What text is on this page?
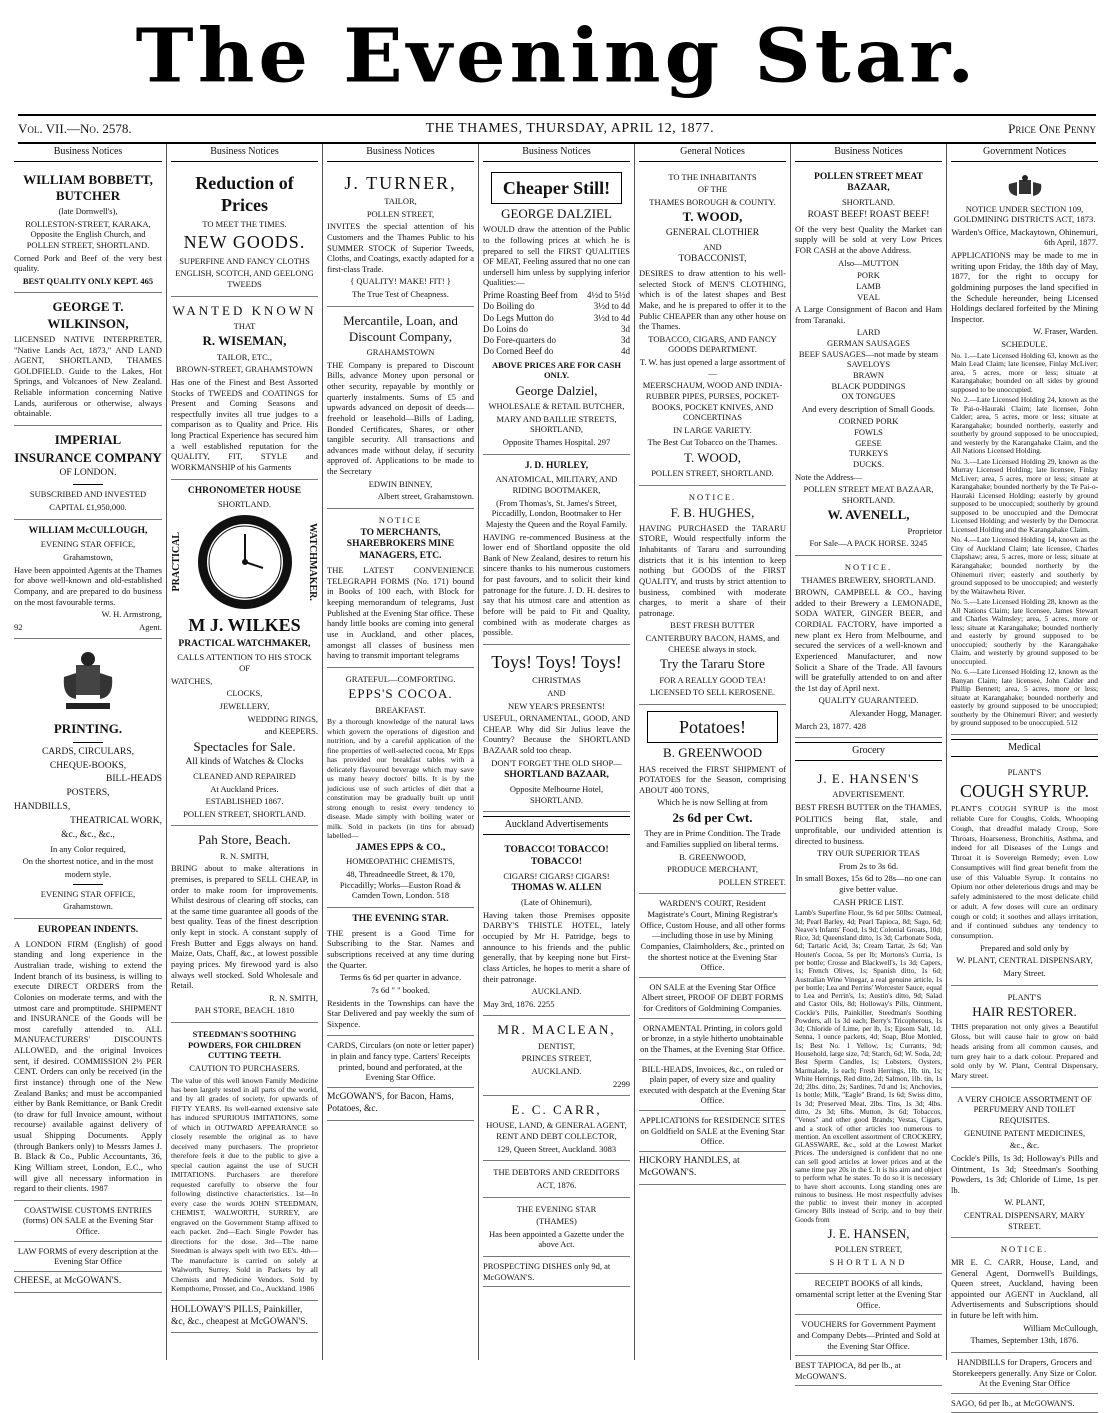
The Evening Star.
Vol. VII.—No. 2578.	THE THAMES, THURSDAY, APRIL 12, 1877.	Price One Penny
Business Notices

WILLIAM BOBBETT, BUTCHER

(late Dornwell's),

ROLLESTON-STREET, KARAKA, Opposite the English Church, and POLLEN STREET, SHORTLAND.

Corned Pork and Beef of the very best quality.

BEST QUALITY ONLY KEPT. 465

GEORGE T. WILKINSON,

LICENSED NATIVE INTERPRETER, "Native Lands Act, 1873," AND LAND AGENT, SHORTLAND, THAMES GOLDFIELD. Guide to the Lakes, Hot Springs, and Volcanoes of New Zealand. Reliable information concerning Native Lands, auriferous or otherwise, always obtainable.

IMPERIAL

INSURANCE COMPANY

OF LONDON.

SUBSCRIBED AND INVESTED

CAPITAL £1,950,000.

WILLIAM McCULLOUGH,

EVENING STAR OFFICE,

Grahamstown,

Have been appointed Agents at the Thames for above well-known and old-established Company, and are prepared to do business on the most favourable terms.

W. H. Armstrong,

92	Agent.

PRINTING.

CARDS, CIRCULARS,

CHEQUE-BOOKS,

BILL-HEADS

POSTERS,

HANDBILLS,

THEATRICAL WORK,

&c., &c., &c.,

In any Color required,

On the shortest notice, and in the most

modern style.

EVENING STAR OFFICE,

Grahamstown.

EUROPEAN INDENTS.

A LONDON FIRM (English) of good standing and long experience in the Australian trade, wishing to extend the Indent branch of its business, is willing to execute DIRECT ORDERS from the Colonies on moderate terms, and with the utmost care and promptitude. SHIPMENT and INSURANCE of the Goods will be most carefully attended to. ALL MANUFACTURERS' DISCOUNTS ALLOWED, and the original Invoices sent, if desired. COMMISSION 2½ PER CENT. Orders can only be received (in the first instance) through one of the New Zealand Banks; and must be accompanied either by Bank Remittance, or Bank Credit (to draw for full Invoice amount, without recourse) available against delivery of usual Shipping Documents. Apply (through Bankers only) to Messrs James J. B. Black & Co., Public Accountants, 36, King William street, London, E.C., who will give all necessary information in regard to their clients. 1987

COASTWISE CUSTOMS ENTRIES (forms) ON SALE at the Evening Star Office.
LAW FORMS of every description at the Evening Star Office
CHEESE, at McGOWAN'S.
Business Notices

Reduction of Prices

TO MEET THE TIMES.

NEW GOODS.

SUPERFINE AND FANCY CLOTHS

ENGLISH, SCOTCH, AND GEELONG TWEEDS

WANTED KNOWN

THAT

R. WISEMAN,

TAILOR, ETC.,

BROWN-STREET, GRAHAMSTOWN

Has one of the Finest and Best Assorted Stocks of TWEEDS and COATINGS for Present and Coming Seasons and respectfully invites all true judges to a comparison as to Quality and Price. His long Practical Experience has secured him a well established reputation for the QUALITY, FIT, STYLE and WORKMANSHIP of his Garments

CHRONOMETER HOUSE

SHORTLAND.

PRACTICAL	WATCHMAKER.

M J. WILKES

PRACTICAL WATCHMAKER,

CALLS ATTENTION TO HIS STOCK OF

WATCHES,

CLOCKS,

JEWELLERY,

WEDDING RINGS,

and KEEPERS.

Spectacles for Sale.

All kinds of Watches & Clocks

CLEANED AND REPAIRED

At Auckland Prices.

ESTABLISHED 1867.

POLLEN STREET, SHORTLAND.

Pah Store, Beach.

R. N. SMITH,

BRING about to make alterations in premises, is prepared to SELL CHEAP, in order to make room for improvements. Whilst desirous of clearing off stocks, can at the same time guarantee all goods of the best quality. Teas of the finest description only kept in stock. A constant supply of Fresh Butter and Eggs always on hand. Maize, Oats, Chaff, &c., at lowest possible paying prices. My firewood yard is also always well stocked. Sold Wholesale and Retail.

R. N. SMITH,

PAH STORE, BEACH. 1810

STEEDMAN'S SOOTHING POWDERS, FOR CHILDREN CUTTING TEETH.

CAUTION TO PURCHASERS.

The value of this well known Family Medicine has been largely tested in all parts of the world, and by all grades of society, for upwards of FIFTY YEARS. Its well-earned extensive sale has induced SPURIOUS IMITATIONS, some of which in OUTWARD APPEARANCE so closely resemble the original as to have deceived many purchasers. The proprietor therefore feels it due to the public to give a special caution against the use of SUCH IMITATIONS. Purchasers are therefore requested carefully to observe the four following distinctive characteristics. 1st—In every case the words JOHN STEEDMAN, CHEMIST, WALWORTH, SURREY, are engraved on the Government Stamp affixed to each packet. 2nd—Each Single Powder has directions for the dose. 3rd—The name Steedman is always spelt with two EE's. 4th—The manufacture is carried on solely at Walworth, Surrey. Sold in Packets by all Chemists and Medicine Vendors. Sold by Kempthorne, Prosser, and Co., Auckland. 1986

HOLLOWAY'S PILLS, Painkiller, &c, &c., cheapest at McGOWAN'S.
Business Notices

J. TURNER,

TAILOR,

POLLEN STREET,

INVITES the special attention of his Customers and the Thames Public to his SUMMER STOCK of Superior Tweeds, Cloths, and Coatings, exactly adapted for a first-class Trade.

{ QUALITY! MAKE! FIT! }

The True Test of Cheapness.

Mercantile, Loan, and Discount Company,

GRAHAMSTOWN

THE Company is prepared to Discount Bills, advance Money upon personal or other security, repayable by monthly or quarterly instalments. Sums of £5 and upwards advanced on deposit of deeds—freehold or leasehold—Bills of Lading, Bonded Certificates, Shares, or other tangible security. All transactions and advances made without delay, if security approved of. Applications to be made to the Secretary

EDWIN BINNEY,

Albert street, Grahamstown.

NOTICE

TO MERCHANTS, SHAREBROKERS MINE MANAGERS, ETC.

THE LATEST CONVENIENCE TELEGRAPH FORMS (No. 171) bound in Books of 100 each, with Block for keeping memorandum of telegrams, Just Published at the Evening Star office. These handy little books are coming into general use in Auckland, and other places, amongst all classes of business men having to transmit important telegrams

GRATEFUL—COMFORTING.

EPPS'S COCOA.

BREAKFAST.

By a thorough knowledge of the natural laws which govern the operations of digestion and nutrition, and by a careful application of the fine properties of well-selected cocoa, Mr Epps has provided our breakfast tables with a delicately flavoured beverage which may save us many heavy doctors' bills. It is by the judicious use of such articles of diet that a constitution may be gradually built up until strong enough to resist every tendency to disease. Made simply with boiling water or milk. Sold in packets (in tins for abroad) labelled—

JAMES EPPS & CO.,

HOMŒOPATHIC CHEMISTS,

48, Threadneedle Street, & 170, Piccadilly; Works—Euston Road & Camden Town, London. 518

THE EVENING STAR.

THE present is a Good Time for Subscribing to the Star. Names and subscriptions received at any time during the Quarter.

Terms 6s 6d per quarter in advance.

7s 6d " " booked.

Residents in the Townships can have the Star Delivered and pay weekly the sum of Sixpence.

CARDS, Circulars (on note or letter paper) in plain and fancy type. Carters' Receipts printed, bound and perforated, at the Evening Star Office.
McGOWAN'S, for Bacon, Hams, Potatoes, &c.
Business Notices
Cheaper Still!

GEORGE DALZIEL

WOULD draw the attention of the Public to the following prices at which he is prepared to sell the FIRST QUALITIES OF MEAT, Feeling assured that no one can undersell him unless by supplying inferior Qualities:—

Prime Roasting Beef from 4½d to 5½d
Do Boiling do	3½d to 4d
Do Legs Mutton do	3½d to 4d
Do Loins do	3d
Do Fore-quarters do	3d
Do Corned Beef do	4d

ABOVE PRICES ARE FOR CASH ONLY.

George Dalziel,

WHOLESALE & RETAIL BUTCHER,

MARY AND BAILLIE STREETS, SHORTLAND,

Opposite Thames Hospital. 297

J. D. HURLEY,

ANATOMICAL, MILITARY, AND RIDING BOOTMAKER,

(From Thomas's, St. James's Street, Piccadilly, London, Bootmaker to Her Majesty the Queen and the Royal Family.

HAVING re-commenced Business at the lower end of Shortland opposite the old Bank of New Zealand, desires to return his sincere thanks to his numerous customers for past favours, and to solicit their kind patronage for the future. J. D. H. desires to say that his utmost care and attention as before will be paid to Fit and Quality, combined with as moderate charges as possible.

Toys! Toys! Toys!

CHRISTMAS

AND

NEW YEAR'S PRESENTS!

USEFUL, ORNAMENTAL, GOOD, AND CHEAP. Why did Sir Julius leave the Country? Because the SHORTLAND BAZAAR sold too cheap.

DON'T FORGET THE OLD SHOP—

SHORTLAND BAZAAR,

Opposite Melbourne Hotel, SHORTLAND.

Auckland Advertisements

TOBACCO! TOBACCO! TOBACCO!

CIGARS! CIGARS! CIGARS!

THOMAS W. ALLEN

(Late of Ohinemuri),

Having taken those Premises opposite DARBY'S THISTLE HOTEL, lately occupied by Mr H. Patridge, begs to announce to his friends and the public generally, that by keeping none but First-class Articles, he hopes to merit a share of their patronage.

AUCKLAND.

May 3rd, 1876. 2255

MR. MACLEAN,

DENTIST,

PRINCES STREET,

AUCKLAND.

2299

E. C. CARR,

HOUSE, LAND, & GENERAL AGENT, RENT AND DEBT COLLECTOR,

129, Queen Street, Auckland. 3083

THE DEBTORS AND CREDITORS

ACT, 1876.

THE EVENING STAR

(THAMES)

Has been appointed a Gazette under the above Act.

PROSPECTING DISHES only 9d, at McGOWAN'S.
General Notices

TO THE INHABITANTS

OF THE

THAMES BOROUGH & COUNTY.

T. WOOD,

GENERAL CLOTHIER

AND

TOBACCONIST,

DESIRES to draw attention to his well-selected Stock of MEN'S CLOTHING, which is of the latest shapes and Best Make, and he is prepared to offer it to the Public CHEAPER than any other house on the Thames.

TOBACCO, CIGARS, AND FANCY GOODS DEPARTMENT.

T. W. has just opened a large assortment of—

MEERSCHAUM, WOOD AND INDIA-RUBBER PIPES, PURSES, POCKET-BOOKS, POCKET KNIVES, AND CONCERTINAS

IN LARGE VARIETY.

The Best Cut Tobacco on the Thames.

T. WOOD,

POLLEN STREET, SHORTLAND.

NOTICE.

F. B. HUGHES,

HAVING PURCHASED the TARARU STORE, Would respectfully inform the Inhabitants of Tararu and surrounding districts that it is his intention to keep nothing but GOODS of the FIRST QUALITY, and trusts by strict attention to business, combined with moderate charges, to merit a share of their patronage.

BEST FRESH BUTTER

CANTERBURY BACON, HAMS, and CHEESE always in stock.

Try the Tararu Store

FOR A REALLY GOOD TEA!

LICENSED TO SELL KEROSENE.

Potatoes!

B. GREENWOOD

HAS received the FIRST SHIPMENT of POTATOES for the Season, comprising ABOUT 400 TONS,

Which he is now Selling at from

2s 6d per Cwt.

They are in Prime Condition. The Trade and Families supplied on liberal terms.

B. GREENWOOD,

PRODUCE MERCHANT,

POLLEN STREET.

WARDEN'S COURT, Resident Magistrate's Court, Mining Registrar's Office, Custom House, and all other forms—including those in use by Mining Companies, Claimholders, &c., printed on the shortest notice at the Evening Star Office.
ON SALE at the Evening Star Office Albert street, PROOF OF DEBT FORMS for Creditors of Goldmining Companies.
ORNAMENTAL Printing, in colors gold or bronze, in a style hitherto unobtainable on the Thames, at the Evening Star Office.
BILL-HEADS, Invoices, &c., on ruled or plain paper, of every size and quality executed with despatch at the Evening Star Office.
APPLICATIONS for RESIDENCE SITES on Goldfield on SALE at the Evening Star Office.
HICKORY HANDLES, at McGOWAN'S.
Business Notices

POLLEN STREET MEAT BAZAAR,

SHORTLAND.

ROAST BEEF! ROAST BEEF!

Of the very best Quality the Market can supply will be sold at very Low Prices FOR CASH at the above Address.

Also—MUTTON

PORK
LAMB
VEAL

A Large Consignment of Bacon and Ham from Taranaki.

LARD
GERMAN SAUSAGES
BEEF SAUSAGES—not made by steam
SAVELOYS
BRAWN
BLACK PUDDINGS
OX TONGUES

And every description of Small Goods.

CORNED PORK
FOWLS
GEESE
TURKEYS
DUCKS.

Note the Address—

POLLEN STREET MEAT BAZAAR, SHORTLAND.

W. AVENELL,

Proprietor

For Sale—A PACK HORSE. 3245

NOTICE.

THAMES BREWERY, SHORTLAND.

BROWN, CAMPBELL & CO., having added to their Brewery a LEMONADE, SODA WATER, GINGER BEER, and CORDIAL FACTORY, have imported a new plant ex Hero from Melbourne, and secured the services of a well-known and Experienced Manufacturer, and now Solicit a Share of the Trade. All favours will be gratefully attended to on and after the 1st day of April next.

QUALITY GUARANTEED.

Alexander Hogg, Manager.

March 23, 1877. 428

Grocery

J. E. HANSEN'S

ADVERTISEMENT.

BEST FRESH BUTTER on the THAMES,

POLITICS being flat, stale, and unprofitable, our undivided attention is directed to business.

TRY OUR SUPERIOR TEAS

From 2s to 3s 6d.

In small Boxes, 15s 6d to 28s—no one can give better value.

CASH PRICE LIST.

Lamb's Superfine Flour, 9s 6d per 50lbs: Oatmeal, 3d; Pearl Barley, 4d; Pearl Tapioca, 8d; Sago, 6d; Neave's Infants' Food, 1s 9d; Colonial Groats, 10d; Rice, 3d; Queensland ditto, 1s 3d; Carbonate Soda, 6d; Tartaric Acid, 3s; Cream Tartar, 2s 6d; Van Houten's Cocoa, 5s per lb; Mortons's Curria, 1s per bottle; Crosse and Blackwell's, 1s 3d; Capers, 1s; French Olives, 1s; Spanish ditto, 1s 6d; Australian Wine Vinegar, a real genuine article, 1s per bottle; Lea and Perrins' Worcester Sauce, equal to Lea and Perrin's, 1s; Austin's ditto, 9d; Salad and Castor Oils, 8d; Holloway's Pills, Ointment, Cockle's Pills, Painkiller, Steedman's Soothing Powders, all 1s 3d each; Berry's Tricopherous, 1s 3d; Chloride of Lime, per lb, 1s; Epsom Salt, 1d; Senna, 1 ounce packets, 4d; Soap, Blue Mottled, 1s; Best No. 1 Yellow, 1s; Currants, 9d; Household, large size, 7d; Starch, 6d; W. Soda, 2d; Best Sperm Candles, 1s; Lobsters, Oysters, Marmalade, 1s each; Fresh Herrings, 1lb. tin, 1s; White Herrings, Red ditto, 2d; Salmon, 1lb. tin, 1s 2d; 2lbs. ditto, 2s; Sardines, 7d and 1s; Anchovies, 1s bottle; Milk, "Eagle" Brand, 1s 6d; Swiss ditto, 1s 3d; Preserved Meat, 2lbs. Tins, 1s 3d; 4lbs. ditto, 2s 3d; 6lbs. Mutton, 3s 6d; Tobaccos, "Venus" and other good Brands; Vestas, Cigars, and a stock of other articles too numerous to mention. An excellent assortment of CROCKERY, GLASSWARE, &c., sold at the Lowest Market Prices. The undersigned is confident that no one can sell good articles at lower prices and at the same time pay 20s in the £. It is his aim and object to perform what he states. To do so it is necessary to have short accounts. Long standing ones are ruinous to business. He most respectfully advises the public to invest their money in accepted Grocery Bills instead of Scrip, and to buy their Goods from

J. E. HANSEN,

POLLEN STREET,

SHORTLAND

RECEIPT BOOKS of all kinds, ornamental script letter at the Evening Star Office.
VOUCHERS for Government Payment and Company Debts—Printed and Sold at the Evening Star Office.
BEST TAPIOCA, 8d per lb., at McGOWAN'S.
Government Notices

NOTICE UNDER SECTION 109, GOLDMINING DISTRICTS ACT, 1873.

Warden's Office, Mackaytown, Ohinemuri, 6th April, 1877.

APPLICATIONS may be made to me in writing upon Friday, the 18th day of May, 1877, for the right to occupy for goldmining purposes the land specified in the Schedule hereunder, being Licensed Holdings declared forfeited by the Mining Inspector.

W. Fraser, Warden.

SCHEDULE.

No. 1.—Late Licensed Holding 63, known as the Main Lead Claim; late licensee, Finlay McLiver; area, 5 acres, more or less; situate at Karangahake; bounded on all sides by ground supposed to be unoccupied.

No. 2.—Late Licensed Holding 24, known as the Te Pai-o-Hauraki Claim; late licensee, John Calder; area, 5 acres, more or less; situate at Karangahake; bounded northerly, easterly and southerly by ground supposed to be unoccupied, and westerly by the Karangahake Claim, and the All Nations Licensed Holding.

No. 3.—Late Licensed Holding 29, known as the Murray Licensed Holding; late licensee, Finlay McLiver; area, 5 acres, more or less; situate at Karangahake; bounded northerly by the Te Pai-o-Hauraki Licensed Holding; easterly by ground supposed to be unoccupied; southerly by ground supposed to be unoccupied and the Democrat Licensed Holding; and westerly by the Democrat Licensed Holding and the Karangahake Claim.

No. 4.—Late Licensed Holding 14, known as the City of Auckland Claim; late licensee, Charles Clapshaw; area, 5 acres, more or less; situate at Karangahake; bounded northerly by the Ohinemuri river; easterly and southerly by ground supposed to be unoccupied; and westerly by the Waitawheta River.

No. 5.—Late Licensed Holding 28, known as the All Nations Claim; late licensee, James Stewart and Charles Walmsley; area, 5 acres, more or less; situate at Karangahake; bounded northerly and easterly by ground supposed to be unoccupied; southerly by the Karangahake Claim, and westerly by ground supposed to be unoccupied.

No. 6.—Late Licensed Holding 12, known as the Banyan Claim; late licensee, John Calder and Phillip Bennett; area, 5 acres, more or less; situate at Karangahake; bounded northerly and easterly by ground supposed to be unoccupied; southerly by the Ohinemuri River; and westerly by ground supposed to be unoccupied. 512

Medical

PLANT'S

COUGH SYRUP.

PLANT'S COUGH SYRUP is the most reliable Cure for Coughs, Colds, Whooping Cough, that dreadful malady Croup, Sore Throats, Hoarseness, Bronchitis, Asthma, and indeed for all Diseases of the Lungs and Throat it is Sovereign Remedy; even Low Consumptives will find great benefit from the use of this Valuable Syrup. It contains no Opium nor other deleterious drugs and may be safely administered to the most delicate child or adult. A few doses will cure an ordinary cough or cold; it soothes and allays irritation, and if continued subdues any tendency to consumption.

Prepared and sold only by

W. PLANT, CENTRAL DISPENSARY,

Mary Street.

PLANT'S

HAIR RESTORER.

THIS preparation not only gives a Beautiful Gloss, but will cause hair to grow on bald heads arising from all common causes, and turn grey hair to a dark colour. Prepared and sold only by W. Plant, Central Dispensary, Mary street.

A VERY CHOICE ASSORTMENT OF PERFUMERY AND TOILET REQUISITES.

GENUINE PATENT MEDICINES,

&c., &c.

Cockle's Pills, 1s 3d; Holloway's Pills and Ointment, 1s 3d; Steedman's Soothing Powders, 1s 3d; Chloride of Lime, 1s per lb.

W. PLANT,

CENTRAL DISPENSARY, MARY STREET.

NOTICE.

MR E. C. CARR, House, Land, and General Agent, Dornwell's Buildings, Queen street, Auckland, having been appointed our AGENT in Auckland, all Advertisements and Subscriptions should in future be left with him.

William McCullough,

Thames, September 13th, 1876.

HANDBILLS for Drapers, Grocers and Storekeepers generally. Any Size or Color. At the Evening Star Office
SAGO, 6d per lb., at McGOWAN'S.
